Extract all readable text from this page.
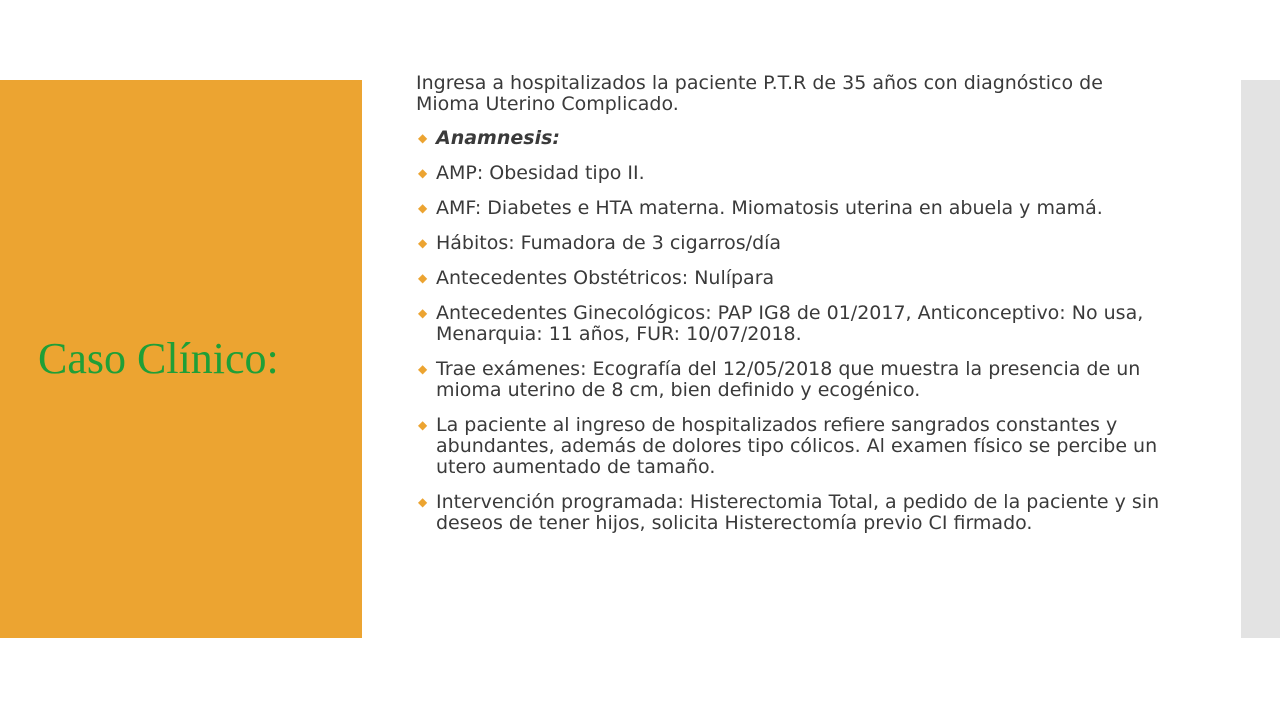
Caso Clínico:

Ingresa a hospitalizados la paciente P.T.R de 35 años con diagnóstico de Mioma Uterino Complicado.

◆ Anamnesis:
◆ AMP: Obesidad tipo II.
◆ AMF: Diabetes e HTA materna. Miomatosis uterina en abuela y mamá.
◆ Hábitos: Fumadora de 3 cigarros/día
◆ Antecedentes Obstétricos: Nulípara
◆ Antecedentes Ginecológicos: PAP IG8 de 01/2017, Anticonceptivo: No usa, Menarquia: 11 años, FUR: 10/07/2018.
◆ Trae exámenes: Ecografía del 12/05/2018 que muestra la presencia de un mioma uterino de 8 cm, bien definido y ecogénico.
◆ La paciente al ingreso de hospitalizados refiere sangrados constantes y abundantes, además de dolores tipo cólicos. Al examen físico se percibe un utero aumentado de tamaño.
◆ Intervención programada: Histerectomia Total, a pedido de la paciente y sin deseos de tener hijos, solicita Histerectomía previo CI firmado.
